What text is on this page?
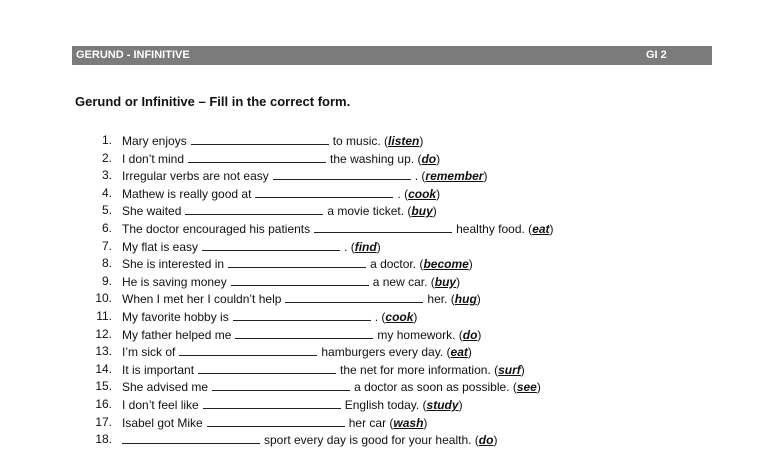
GERUND - INFINITIVE	GI 2
Gerund or Infinitive – Fill in the correct form.
1. Mary enjoys	to music. (listen)
2. I don’t mind	the washing up. (do)
3. Irregular verbs are not easy	. (remember)
4. Mathew is really good at	. (cook)
5. She waited	a movie ticket. (buy)
6. The doctor encouraged his patients	healthy food. (eat)
7. My flat is easy	. (find)
8. She is interested in	a doctor. (become)
9. He is saving money	a new car. (buy)
10. When I met her I couldn’t help	her. (hug)
11. My favorite hobby is	. (cook)
12. My father helped me	my homework. (do)
13. I’m sick of	hamburgers every day. (eat)
14. It is important	the net for more information. (surf)
15. She advised me	a doctor as soon as possible. (see)
16. I don’t feel like	English today. (study)
17. Isabel got Mike	her car (wash)
18.	sport every day is good for your health. (do)
